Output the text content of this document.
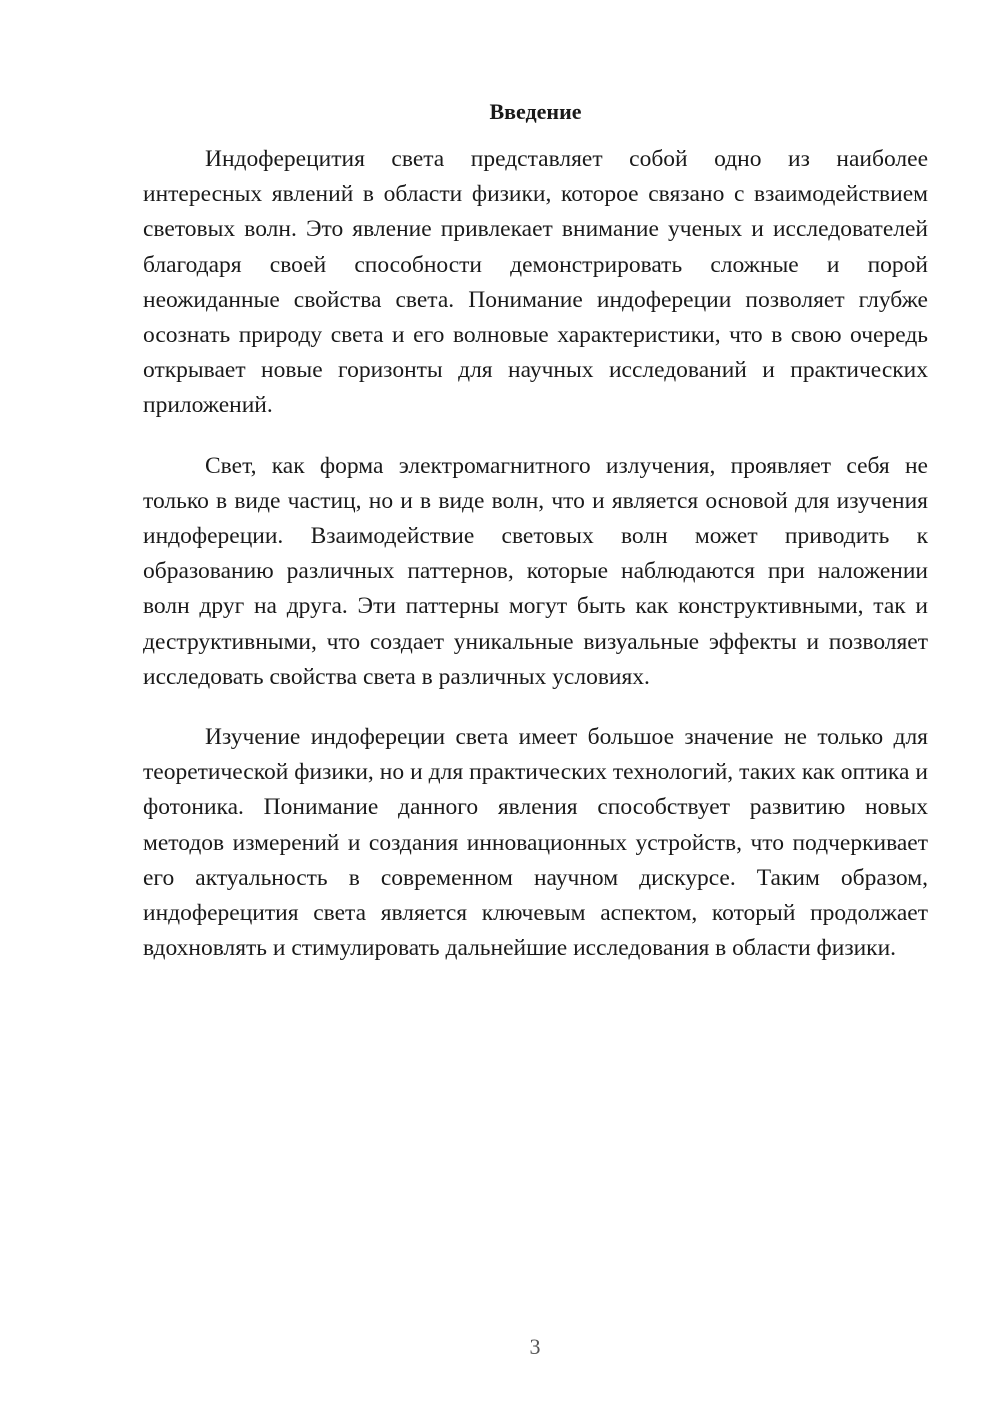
Введение

Индоферецития света представляет собой одно из наиболее интересных явлений в области физики, которое связано с взаимодействием световых волн. Это явление привлекает внимание ученых и исследователей благодаря своей способности демонстрировать сложные и порой неожиданные свойства света. Понимание индофереции позволяет глубже осознать природу света и его волновые характеристики, что в свою очередь открывает новые горизонты для научных исследований и практических приложений.

Свет, как форма электромагнитного излучения, проявляет себя не только в виде частиц, но и в виде волн, что и является основой для изучения индофереции. Взаимодействие световых волн может приводить к образованию различных паттернов, которые наблюдаются при наложении волн друг на друга. Эти паттерны могут быть как конструктивными, так и деструктивными, что создает уникальные визуальные эффекты и позволяет исследовать свойства света в различных условиях.

Изучение индофереции света имеет большое значение не только для теоретической физики, но и для практических технологий, таких как оптика и фотоника. Понимание данного явления способствует развитию новых методов измерений и создания инновационных устройств, что подчеркивает его актуальность в современном научном дискурсе. Таким образом, индоферецития света является ключевым аспектом, который продолжает вдохновлять и стимулировать дальнейшие исследования в области физики.

3
